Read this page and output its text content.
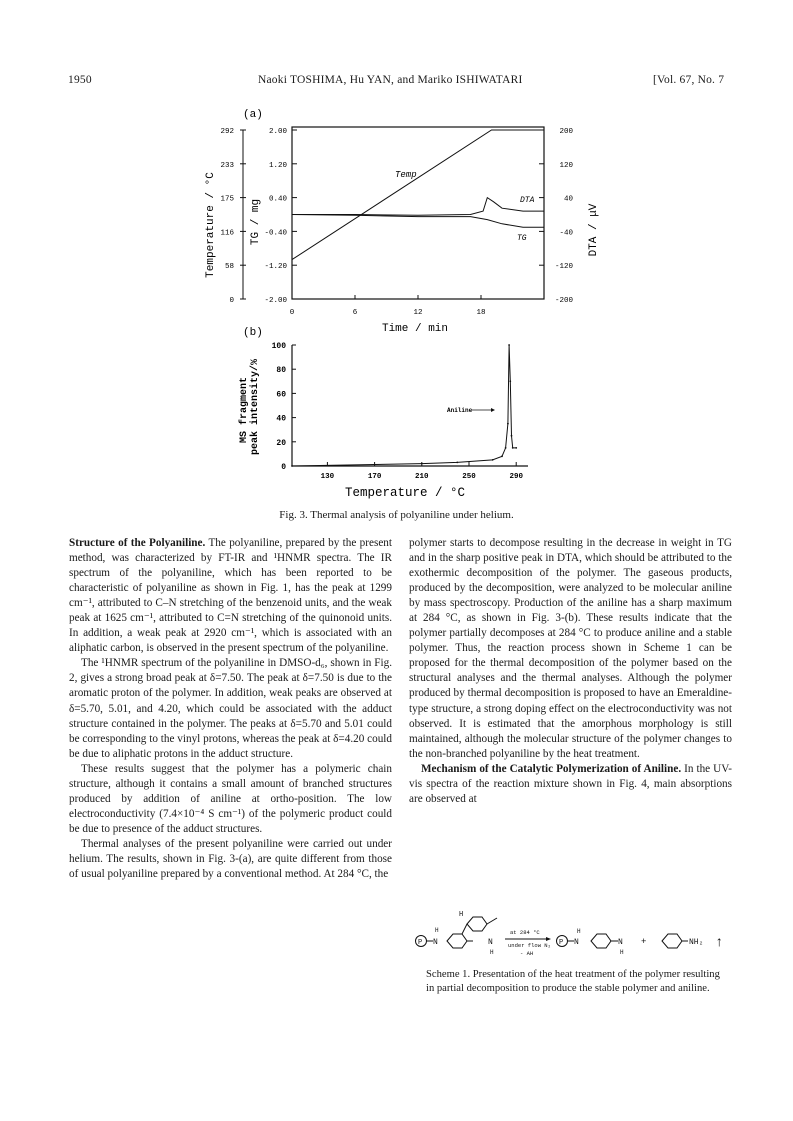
1950	Naoki TOSHIMA, Hu YAN, and Mariko ISHIWATARI	[Vol. 67, No. 7
(a)
292
233
175
116
58
0
2.00
1.20
0.40
-0.40
-1.20
-2.00
200
120
40
-40
-120
-200
0	6	12	18
Temperature / °C	TG / mg	DTA / μV
Time / min
Temp
DTA
TG
(b)
100
80
60
40
20
0
130	170	210	250	290
MS fragment peak intensity/%
Temperature / °C
Aniline
Fig. 3. Thermal analysis of polyaniline under helium.

Structure of the Polyaniline. The polyaniline, prepared by the present method, was characterized by FT-IR and ¹HNMR spectra. The IR spectrum of the polyaniline, which has been reported to be characteristic of polyaniline as shown in Fig. 1, has the peak at 1299 cm⁻¹, attributed to C–N stretching of the benzenoid units, and the weak peak at 1625 cm⁻¹, attributed to C=N stretching of the quinonoid units. In addition, a weak peak at 2920 cm⁻¹, which is associated with an aliphatic carbon, is observed in the present spectrum of the polyaniline.

The ¹HNMR spectrum of the polyaniline in DMSO-d₆, shown in Fig. 2, gives a strong broad peak at δ=7.50. The peak at δ=7.50 is due to the aromatic proton of the polymer. In addition, weak peaks are observed at δ=5.70, 5.01, and 4.20, which could be associated with the adduct structure contained in the polymer. The peaks at δ=5.70 and 5.01 could be corresponding to the vinyl protons, whereas the peak at δ=4.20 could be due to aliphatic protons in the adduct structure.

These results suggest that the polymer has a polymeric chain structure, although it contains a small amount of branched structures produced by addition of aniline at ortho-position. The low electroconductivity (7.4×10⁻⁴ S cm⁻¹) of the polymeric product could be due to presence of the adduct structures.

Thermal analyses of the present polyaniline were carried out under helium. The results, shown in Fig. 3-(a), are quite different from those of usual polyaniline prepared by a conventional method. At 284 °C, the

polymer starts to decompose resulting in the decrease in weight in TG and in the sharp positive peak in DTA, which should be attributed to the exothermic decomposition of the polymer. The gaseous products, produced by the decomposition, were analyzed to be molecular aniline by mass spectroscopy. Production of the aniline has a sharp maximum at 284 °C, as shown in Fig. 3-(b). These results indicate that the polymer partially decomposes at 284 °C to produce aniline and a stable polymer. Thus, the reaction process shown in Scheme 1 can be proposed for the thermal decomposition of the polymer based on the structural analyses and the thermal analyses. Although the polymer produced by thermal decomposition is proposed to have an Emeraldine-type structure, a strong doping effect on the electroconductivity was not observed. It is estimated that the amorphous morphology is still maintained, although the molecular structure of the polymer changes to the non-branched polyaniline by the heat treatment.

Mechanism of the Catalytic Polymerization of Aniline. In the UV-vis spectra of the reaction mixture shown in Fig. 4, main absorptions are observed at

P N
H
H
N
H
at 284 °C
under flow N₂
- AH
P N	N
H
H
+	NH₂ ↑
Scheme 1. Presentation of the heat treatment of the polymer resulting in partial decomposition to produce the stable polymer and aniline.
